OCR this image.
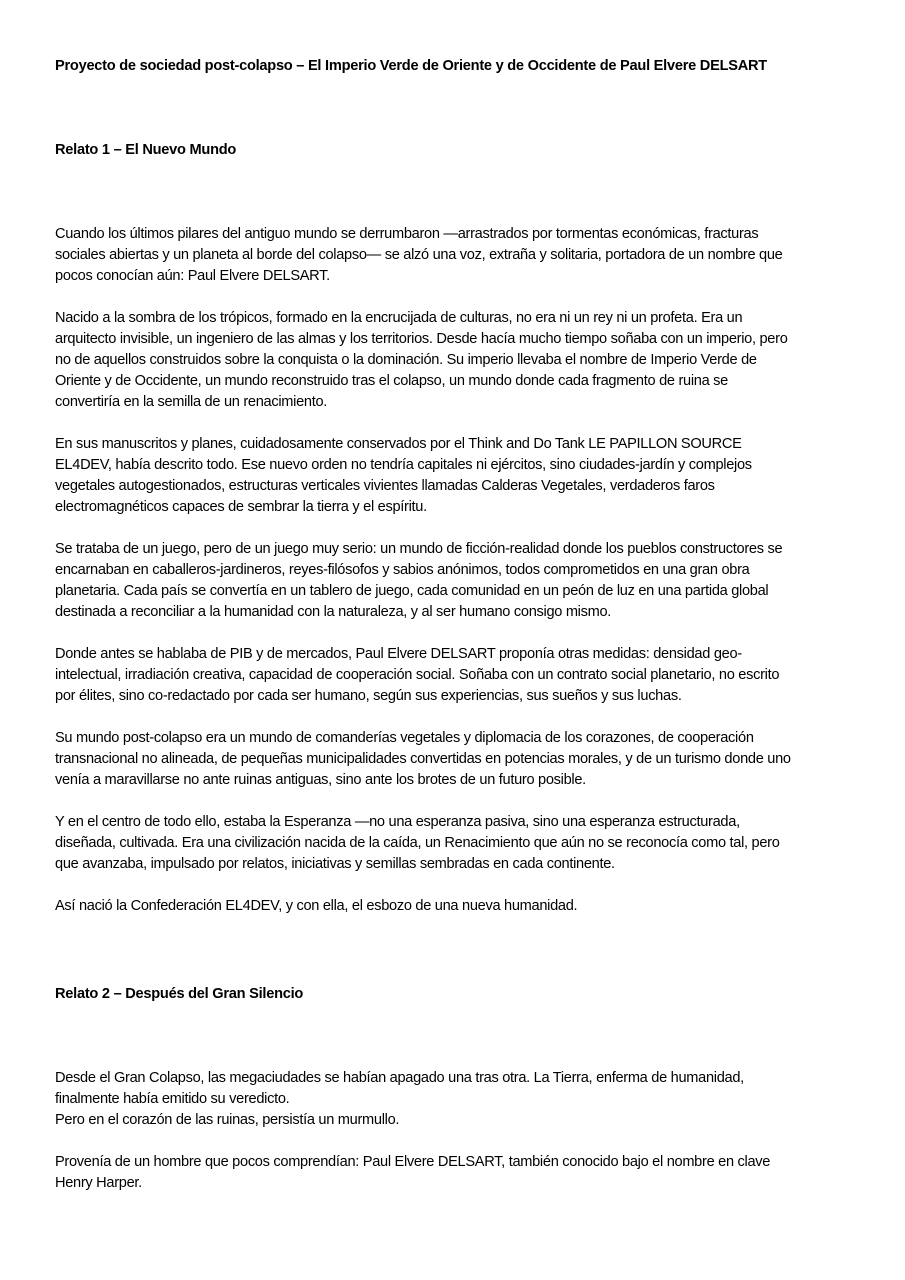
Proyecto de sociedad post-colapso – El Imperio Verde de Oriente y de Occidente de Paul Elvere DELSART

Relato 1 – El Nuevo Mundo

Cuando los últimos pilares del antiguo mundo se derrumbaron —arrastrados por tormentas económicas, fracturas
sociales abiertas y un planeta al borde del colapso— se alzó una voz, extraña y solitaria, portadora de un nombre que
pocos conocían aún: Paul Elvere DELSART.

Nacido a la sombra de los trópicos, formado en la encrucijada de culturas, no era ni un rey ni un profeta. Era un
arquitecto invisible, un ingeniero de las almas y los territorios. Desde hacía mucho tiempo soñaba con un imperio, pero
no de aquellos construidos sobre la conquista o la dominación. Su imperio llevaba el nombre de Imperio Verde de
Oriente y de Occidente, un mundo reconstruido tras el colapso, un mundo donde cada fragmento de ruina se
convertiría en la semilla de un renacimiento.

En sus manuscritos y planes, cuidadosamente conservados por el Think and Do Tank LE PAPILLON SOURCE
EL4DEV, había descrito todo. Ese nuevo orden no tendría capitales ni ejércitos, sino ciudades-jardín y complejos
vegetales autogestionados, estructuras verticales vivientes llamadas Calderas Vegetales, verdaderos faros
electromagnéticos capaces de sembrar la tierra y el espíritu.

Se trataba de un juego, pero de un juego muy serio: un mundo de ficción-realidad donde los pueblos constructores se
encarnaban en caballeros-jardineros, reyes-filósofos y sabios anónimos, todos comprometidos en una gran obra
planetaria. Cada país se convertía en un tablero de juego, cada comunidad en un peón de luz en una partida global
destinada a reconciliar a la humanidad con la naturaleza, y al ser humano consigo mismo.

Donde antes se hablaba de PIB y de mercados, Paul Elvere DELSART proponía otras medidas: densidad geo-
intelectual, irradiación creativa, capacidad de cooperación social. Soñaba con un contrato social planetario, no escrito
por élites, sino co-redactado por cada ser humano, según sus experiencias, sus sueños y sus luchas.

Su mundo post-colapso era un mundo de comanderías vegetales y diplomacia de los corazones, de cooperación
transnacional no alineada, de pequeñas municipalidades convertidas en potencias morales, y de un turismo donde uno
venía a maravillarse no ante ruinas antiguas, sino ante los brotes de un futuro posible.

Y en el centro de todo ello, estaba la Esperanza —no una esperanza pasiva, sino una esperanza estructurada,
diseñada, cultivada. Era una civilización nacida de la caída, un Renacimiento que aún no se reconocía como tal, pero
que avanzaba, impulsado por relatos, iniciativas y semillas sembradas en cada continente.

Así nació la Confederación EL4DEV, y con ella, el esbozo de una nueva humanidad.

Relato 2 – Después del Gran Silencio

Desde el Gran Colapso, las megaciudades se habían apagado una tras otra. La Tierra, enferma de humanidad,
finalmente había emitido su veredicto.
Pero en el corazón de las ruinas, persistía un murmullo.

Provenía de un hombre que pocos comprendían: Paul Elvere DELSART, también conocido bajo el nombre en clave
Henry Harper.
